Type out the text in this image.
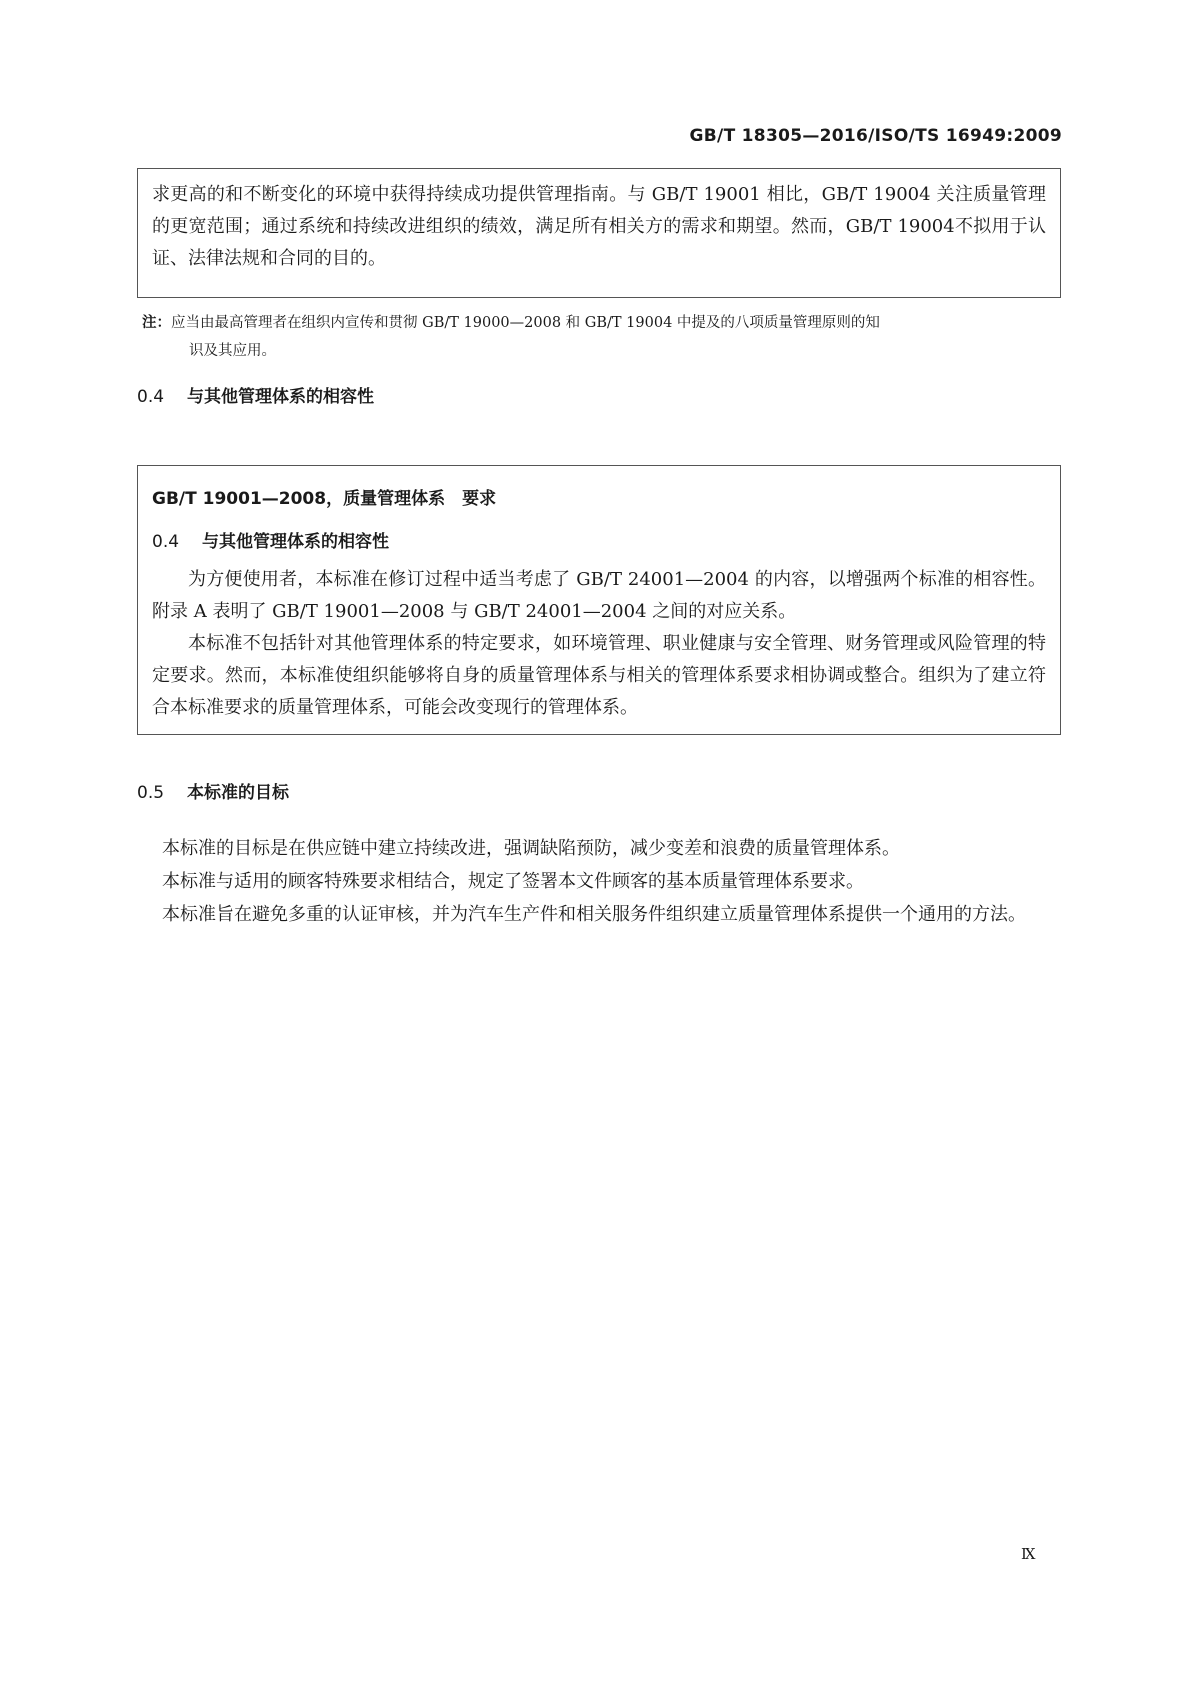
GB/T 18305—2016/ISO/TS 16949:2009

求更高的和不断变化的环境中获得持续成功提供管理指南。与 GB/T 19001 相比，GB/T 19004 关注质量管理的更宽范围；通过系统和持续改进组织的绩效，满足所有相关方的需求和期望。然而，GB/T 19004不拟用于认证、法律法规和合同的目的。

注：应当由最高管理者在组织内宣传和贯彻 GB/T 19000—2008 和 GB/T 19004 中提及的八项质量管理原则的知
识及其应用。
0.4 与其他管理体系的相容性
GB/T 19001—2008，质量管理体系　要求
0.4 与其他管理体系的相容性

为方便使用者，本标准在修订过程中适当考虑了 GB/T 24001—2004 的内容，以增强两个标准的相容性。附录 A 表明了 GB/T 19001—2008 与 GB/T 24001—2004 之间的对应关系。

本标准不包括针对其他管理体系的特定要求，如环境管理、职业健康与安全管理、财务管理或风险管理的特定要求。然而，本标准使组织能够将自身的质量管理体系与相关的管理体系要求相协调或整合。组织为了建立符合本标准要求的质量管理体系，可能会改变现行的管理体系。

0.5 本标准的目标

本标准的目标是在供应链中建立持续改进，强调缺陷预防，减少变差和浪费的质量管理体系。

本标准与适用的顾客特殊要求相结合，规定了签署本文件顾客的基本质量管理体系要求。

本标准旨在避免多重的认证审核，并为汽车生产件和相关服务件组织建立质量管理体系提供一个通用的方法。

Ⅸ
